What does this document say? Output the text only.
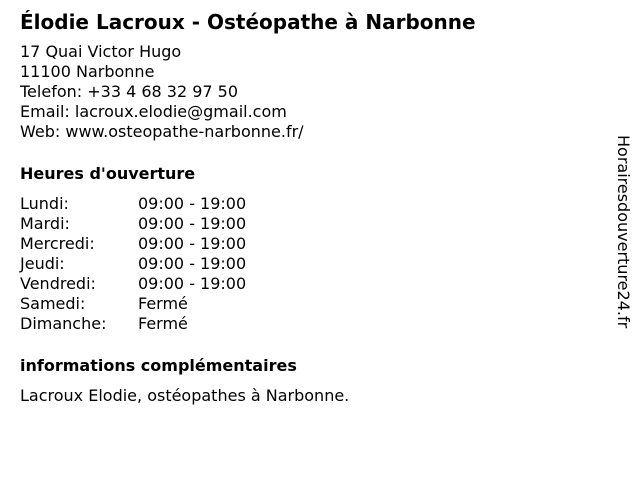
Élodie Lacroux - Ostéopathe à Narbonne
17 Quai Victor Hugo
11100 Narbonne
Telefon: +33 4 68 32 97 50
Email: lacroux.elodie@gmail.com
Web: www.osteopathe-narbonne.fr/
Heures d'ouverture
Lundi:	09:00 - 19:00
Mardi:	09:00 - 19:00
Mercredi:	09:00 - 19:00
Jeudi:	09:00 - 19:00
Vendredi:	09:00 - 19:00
Samedi:	Fermé
Dimanche:	Fermé
informations complémentaires
Lacroux Elodie, ostéopathes à Narbonne.
Horairesdouverture24.fr
